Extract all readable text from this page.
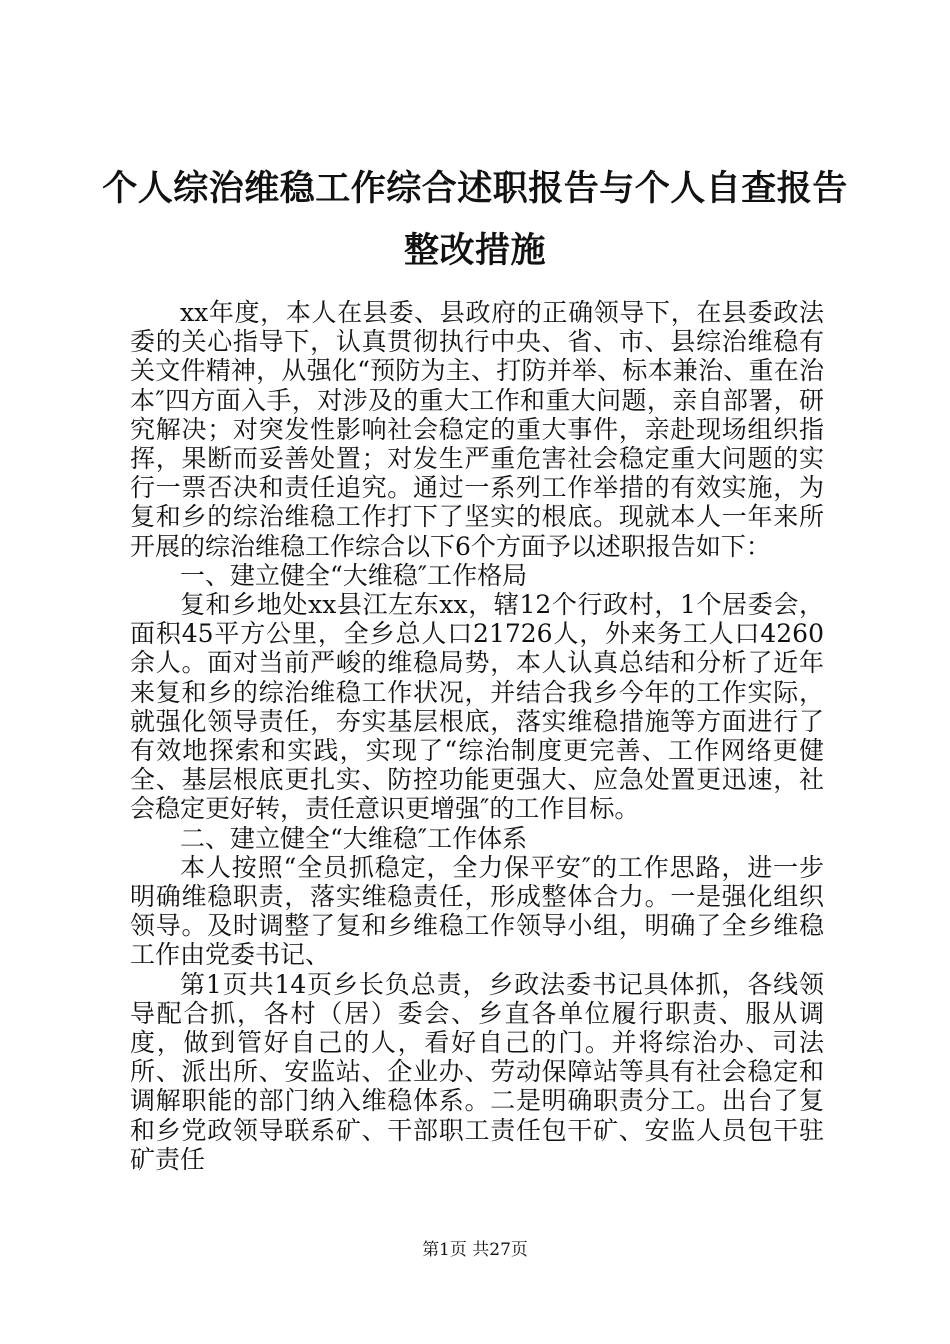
个人综治维稳工作综合述职报告与个人自查报告整改措施

xx年度，本人在县委、县政府的正确领导下，在县委政法委的关心指导下，认真贯彻执行中央、省、市、县综治维稳有关文件精神，从强化“预防为主、打防并举、标本兼治、重在治本″四方面入手，对涉及的重大工作和重大问题，亲自部署，研究解决；对突发性影响社会稳定的重大事件，亲赴现场组织指挥，果断而妥善处置；对发生严重危害社会稳定重大问题的实行一票否决和责任追究。通过一系列工作举措的有效实施，为复和乡的综治维稳工作打下了坚实的根底。现就本人一年来所开展的综治维稳工作综合以下6个方面予以述职报告如下：

一、建立健全“大维稳″工作格局

复和乡地处xx县江左东xx，辖12个行政村，1个居委会，面积45平方公里，全乡总人口21726人，外来务工人口4260余人。面对当前严峻的维稳局势，本人认真总结和分析了近年来复和乡的综治维稳工作状况，并结合我乡今年的工作实际，就强化领导责任，夯实基层根底，落实维稳措施等方面进行了有效地探索和实践，实现了“综治制度更完善、工作网络更健全、基层根底更扎实、防控功能更强大、应急处置更迅速，社会稳定更好转，责任意识更增强″的工作目标。

二、建立健全“大维稳″工作体系

本人按照“全员抓稳定，全力保平安″的工作思路，进一步明确维稳职责，落实维稳责任，形成整体合力。一是强化组织领导。及时调整了复和乡维稳工作领导小组，明确了全乡维稳工作由党委书记、

第1页共14页乡长负总责，乡政法委书记具体抓，各线领导配合抓，各村（居）委会、乡直各单位履行职责、服从调度，做到管好自己的人，看好自己的门。并将综治办、司法所、派出所、安监站、企业办、劳动保障站等具有社会稳定和调解职能的部门纳入维稳体系。二是明确职责分工。出台了复和乡党政领导联系矿、干部职工责任包干矿、安监人员包干驻矿责任

第1页 共27页
